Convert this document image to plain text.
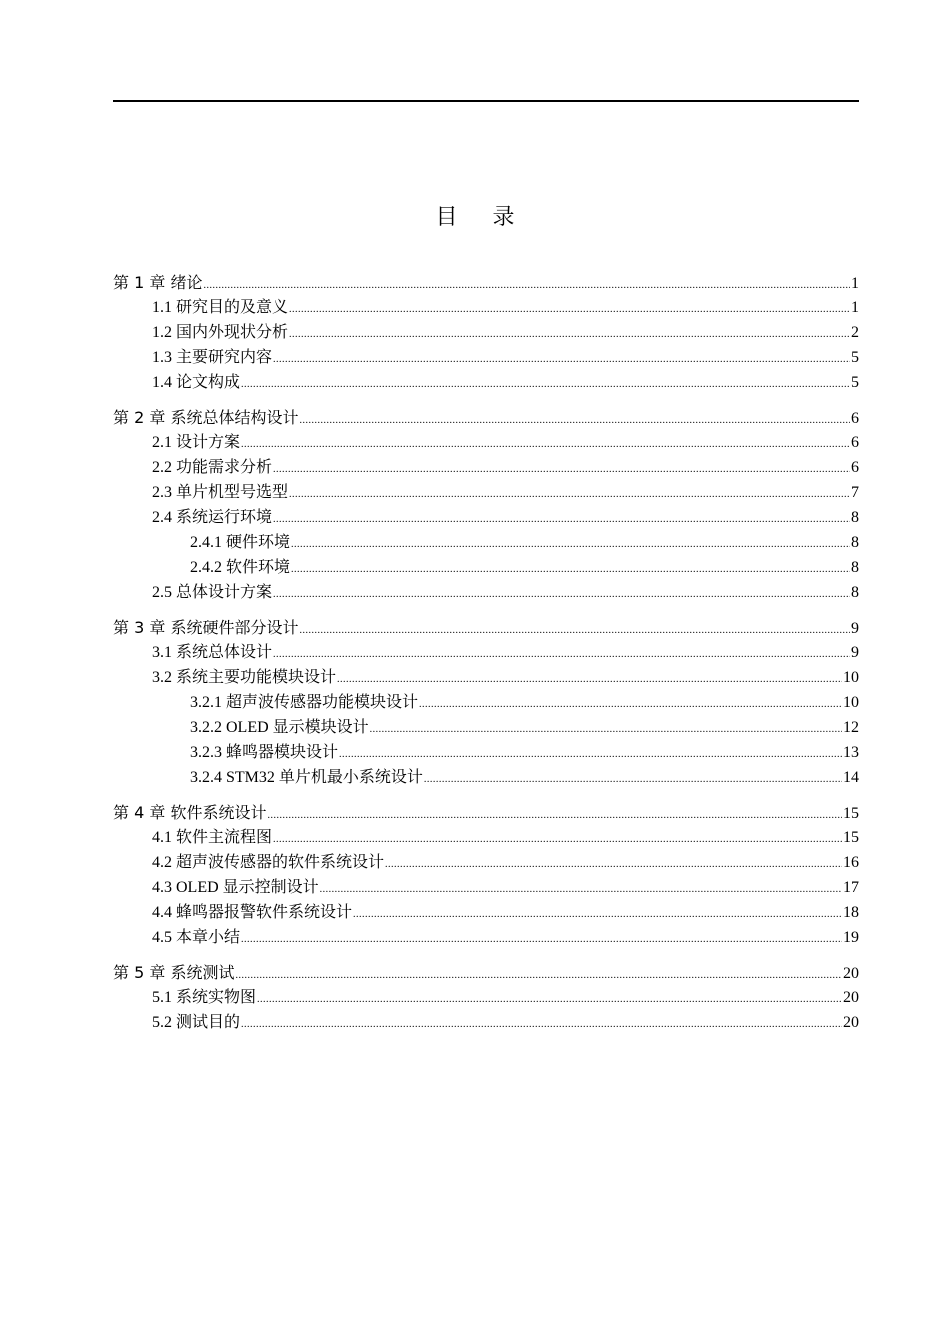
目 录
第 1 章 绪论 .....	1
1.1 研究目的及意义 .....	1
1.2 国内外现状分析 .....	2
1.3 主要研究内容 .....	5
1.4 论文构成 .....	5
第 2 章 系统总体结构设计 .....	6
2.1 设计方案 .....	6
2.2 功能需求分析 .....	6
2.3 单片机型号选型 .....	7
2.4 系统运行环境 .....	8
2.4.1 硬件环境 .....	8
2.4.2 软件环境 .....	8
2.5 总体设计方案 .....	8
第 3 章 系统硬件部分设计 .....	9
3.1 系统总体设计 .....	9
3.2 系统主要功能模块设计 .....	10
3.2.1 超声波传感器功能模块设计 .....	10
3.2.2 OLED 显示模块设计 .....	12
3.2.3 蜂鸣器模块设计 .....	13
3.2.4 STM32 单片机最小系统设计 .....	14
第 4 章 软件系统设计 .....	15
4.1 软件主流程图 .....	15
4.2 超声波传感器的软件系统设计 .....	16
4.3 OLED 显示控制设计 .....	17
4.4 蜂鸣器报警软件系统设计 .....	18
4.5 本章小结 .....	19
第 5 章 系统测试 .....	20
5.1 系统实物图 .....	20
5.2 测试目的 .....	20
